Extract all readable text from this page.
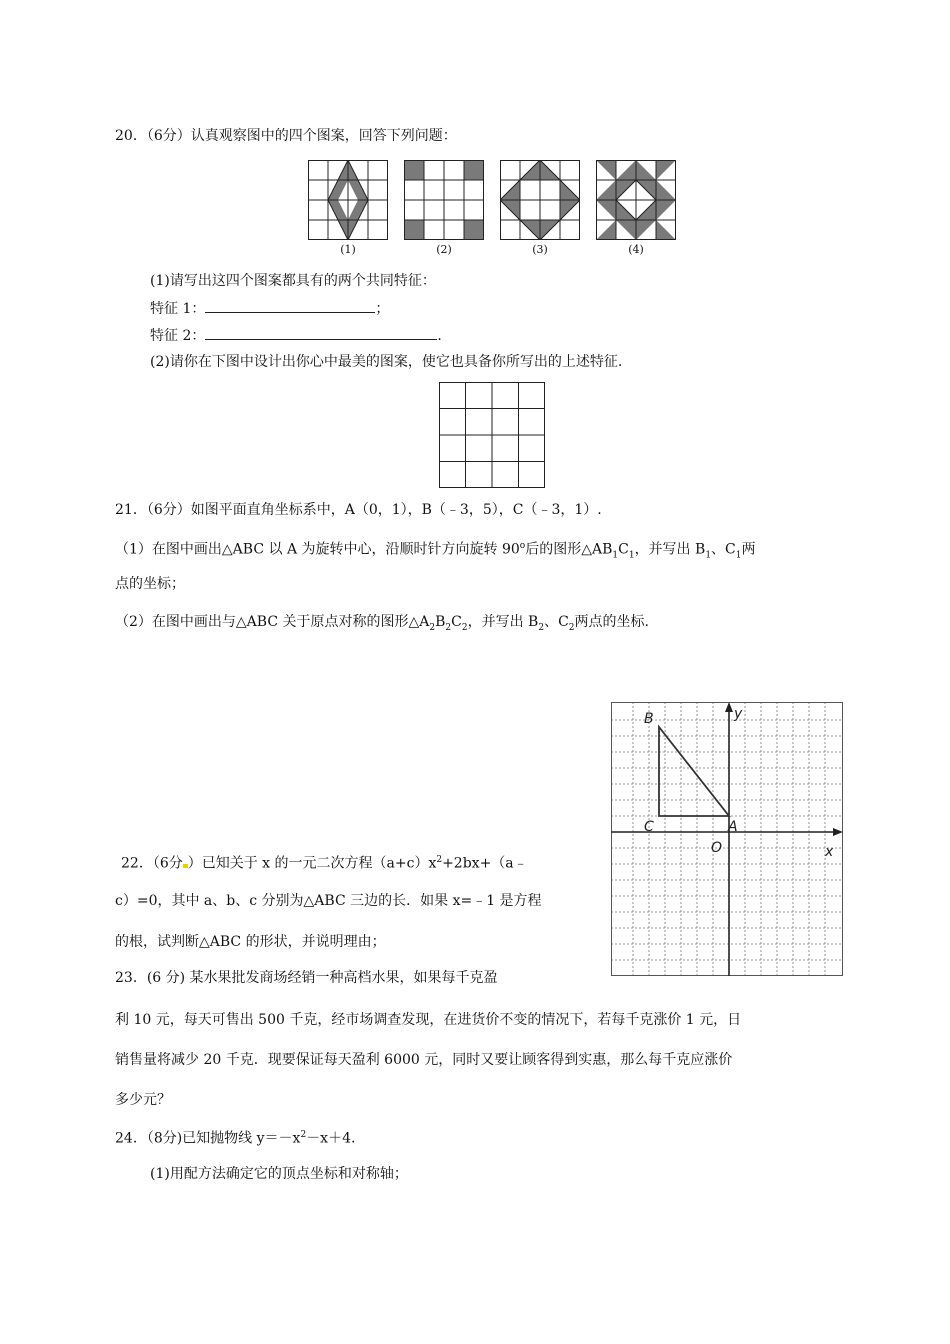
20．（6分）认真观察图中的四个图案，回答下列问题：
(1)	(2)	(3)	(4)
(1)请写出这四个图案都具有的两个共同特征：
特征 1：	；
特征 2：	.
(2)请你在下图中设计出你心中最美的图案，使它也具备你所写出的上述特征.
21．（6分）如图平面直角坐标系中，A（0，1），B（﹣3，5），C（﹣3，1）.
（1）在图中画出△ABC 以 A 为旋转中心，沿顺时针方向旋转 90$^o$后的图形$\triangle AB_1C_1$，并写出 $B_1$、$C_1$两
点的坐标；
（2）在图中画出与△ABC 关于原点对称的图形$\triangle A_2B_2C_2$，并写出 $B_2$、$C_2$两点的坐标.
B
C	A
O	x
y
22．（6分 ）已知关于 x 的一元二次方程$(a+c)x^2+2bx+(a﹣$
c）=0，其中 a、b、c 分别为△ABC 三边的长．如果 x=﹣1 是方程
的根，试判断△ABC 的形状，并说明理由；
23．(6 分) 某水果批发商场经销一种高档水果，如果每千克盈
利 10 元，每天可售出 500 千克，经市场调查发现，在进货价不变的情况下，若每千克涨价 1 元，日
销售量将减少 20 千克．现要保证每天盈利 6000 元，同时又要让顾客得到实惠，那么每千克应涨价
多少元？
24．（8分)已知抛物线 $y=-x^2-x+4$.
(1)用配方法确定它的顶点坐标和对称轴；
